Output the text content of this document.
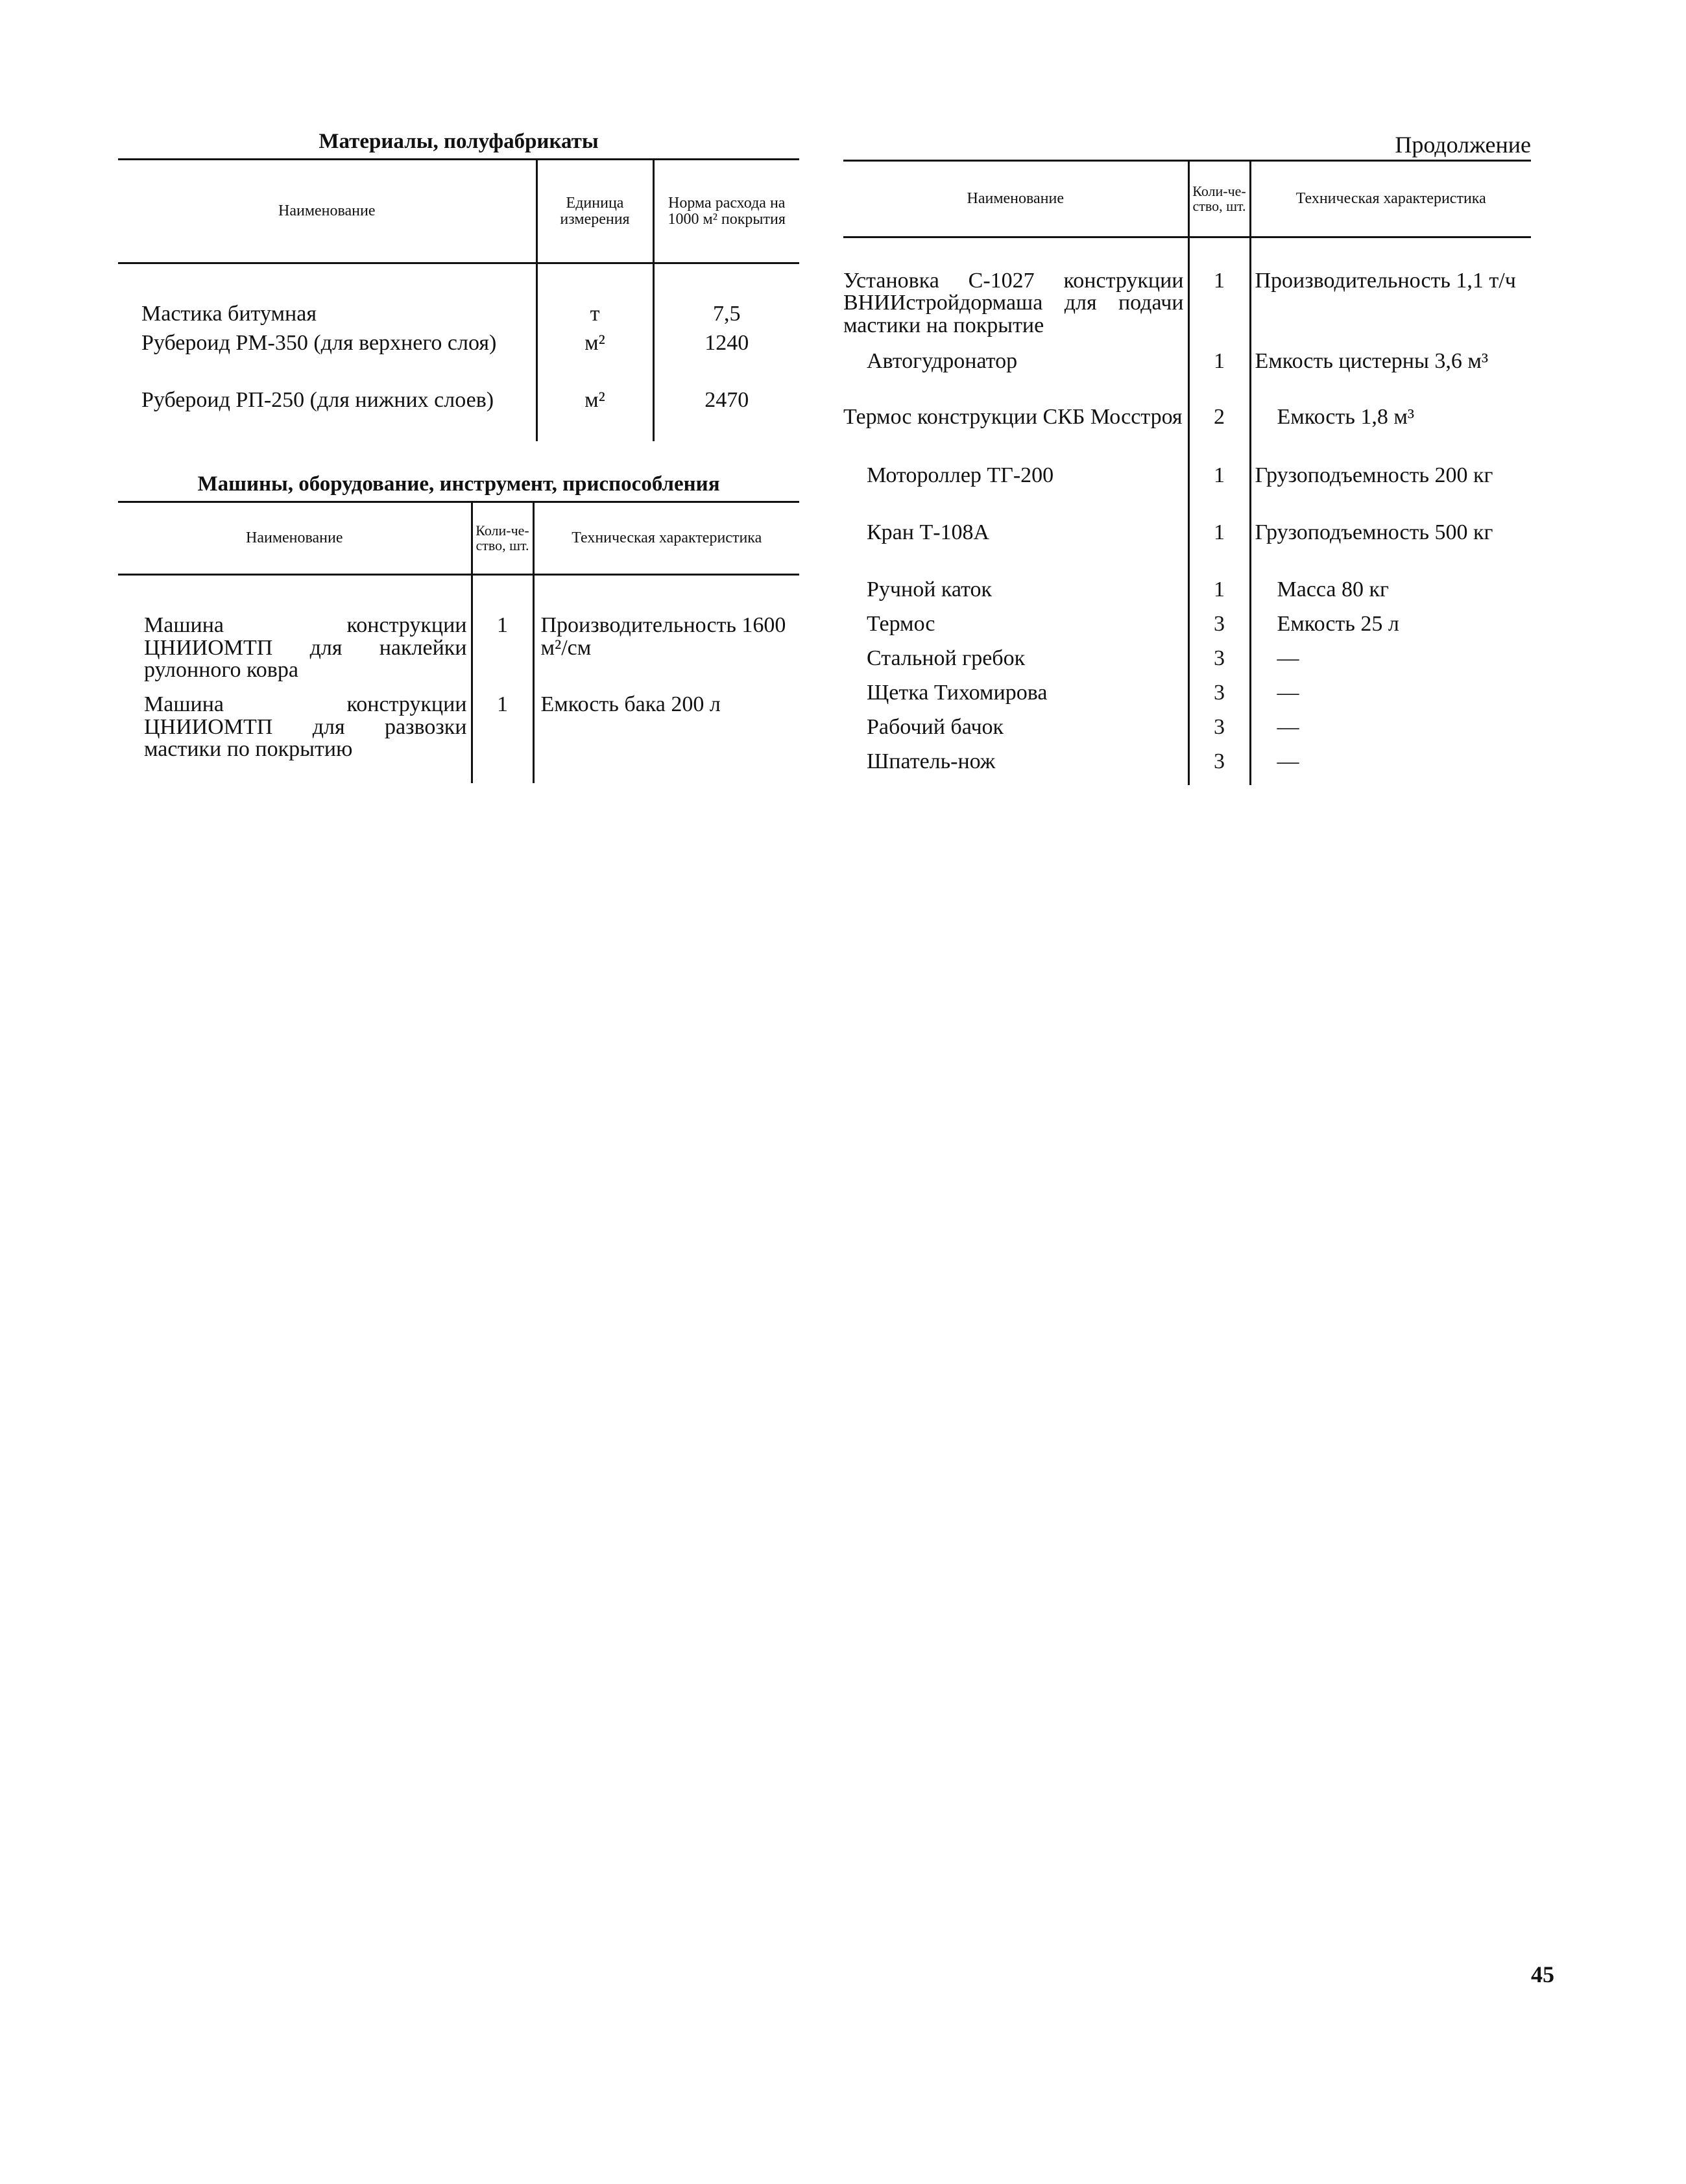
Материалы, полуфабрикаты
Наименование	Единица измерения	Норма расхода на 1000 м² покрытия

Мастика битумная	т	7,5
Рубероид РМ-350 (для верхнего слоя)	м²	1240
Рубероид РП-250 (для нижних слоев)	м²	2470
Машины, оборудование, инструмент, приспособления
Наименование	Коли-че-ство, шт.	Техническая характеристика

Машина конструкции ЦНИИОМТП для наклейки рулонного ковра	1	Производительность 1600 м²/см
Машина конструкции ЦНИИОМТП для развозки мастики по покрытию	1	Емкость бака 200 л

Продолжение
Наименование	Коли-че-ство, шт.	Техническая характеристика

Установка С-1027 конструкции ВНИИстройдормаша для подачи мастики на покрытие	1	Производительность 1,1 т/ч
Автогудронатор	1	Емкость цистерны 3,6 м³
Термос конструкции СКБ Мосстроя	2	Емкость 1,8 м³
Мотороллер ТГ-200	1	Грузоподъемность 200 кг
Кран Т-108А	1	Грузоподъемность 500 кг
Ручной каток	1	Масса 80 кг
Термос	3	Емкость 25 л
Стальной гребок	3	—
Щетка Тихомирова	3	—
Рабочий бачок	3	—
Шпатель-нож	3	—
45
